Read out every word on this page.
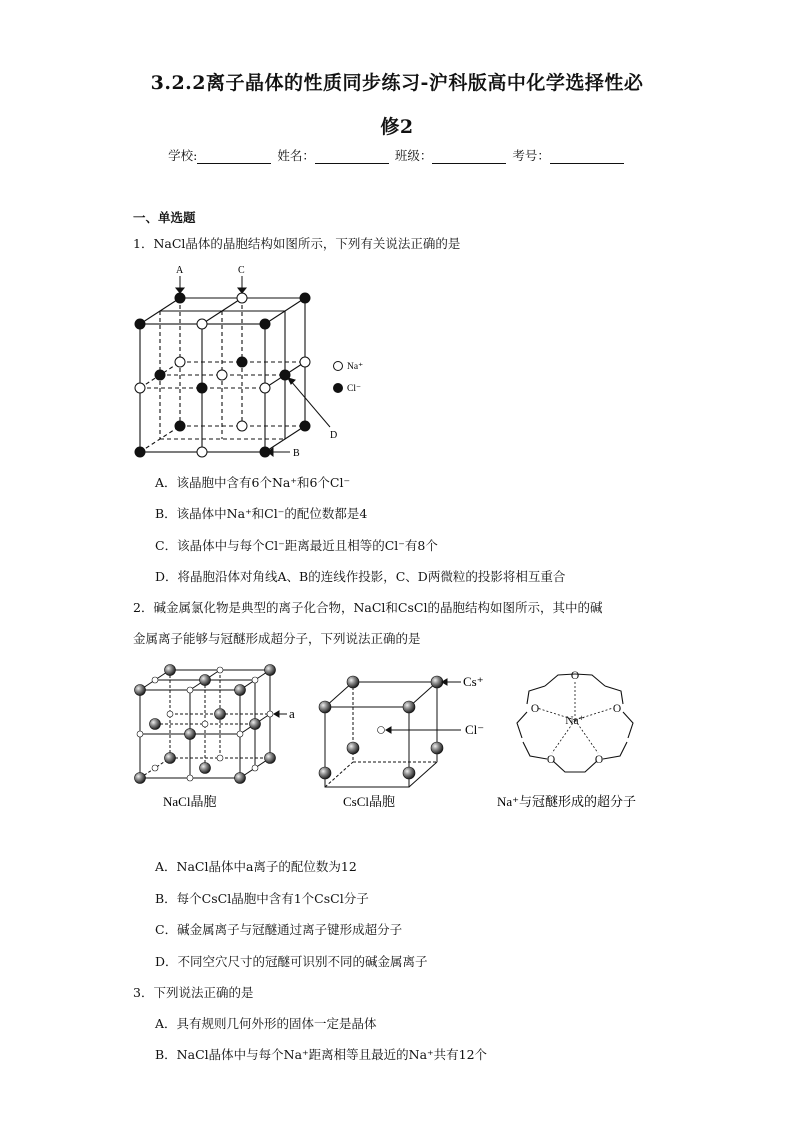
3.2.2离子晶体的性质同步练习-沪科版高中化学选择性必
修2
学校:	姓名：	班级：	考号：
一、单选题
1．NaCl晶体的晶胞结构如图所示，下列有关说法正确的是
A	C
D
B
Na⁺
Cl⁻
A．该晶胞中含有6个Na⁺和6个Cl⁻
B．该晶体中Na⁺和Cl⁻的配位数都是4
C．该晶体中与每个Cl⁻距离最近且相等的Cl⁻有8个
D．将晶胞沿体对角线A、B的连线作投影，C、D两微粒的投影将相互重合
2．碱金属氯化物是典型的离子化合物，NaCl和CsCl的晶胞结构如图所示，其中的碱
金属离子能够与冠醚形成超分子，下列说法正确的是
a
NaCl晶胞
Cs⁺
Cl⁻
CsCl晶胞
O
O	O
O	O
Na⁺
Na⁺与冠醚形成的超分子
A．NaCl晶体中a离子的配位数为12
B．每个CsCl晶胞中含有1个CsCl分子
C．碱金属离子与冠醚通过离子键形成超分子
D．不同空穴尺寸的冠醚可识别不同的碱金属离子
3．下列说法正确的是
A．具有规则几何外形的固体一定是晶体
B．NaCl晶体中与每个Na⁺距离相等且最近的Na⁺共有12个
